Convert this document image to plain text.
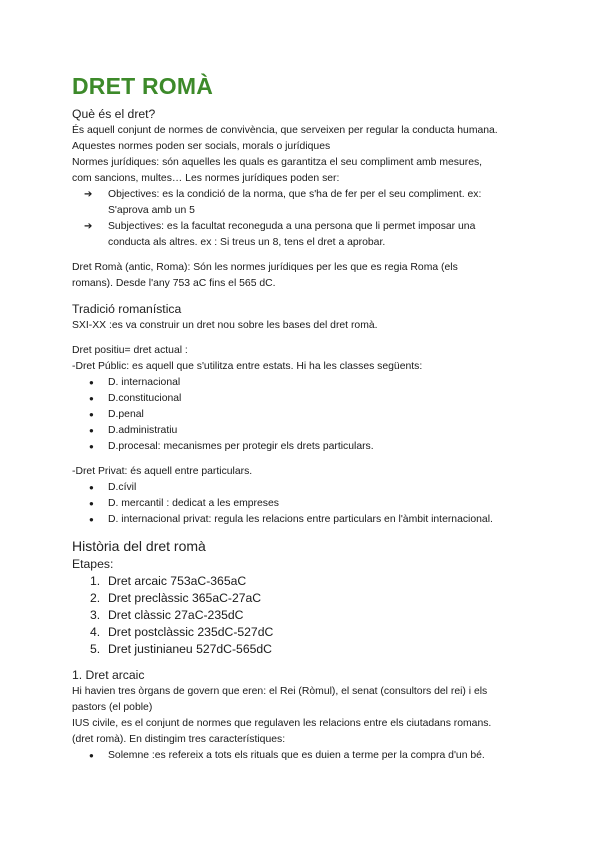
DRET ROMÀ

Què és el dret?

És aquell conjunt de normes de convivència, que serveixen per regular la conducta humana.

Aquestes normes poden ser socials, morals o jurídiques

Normes jurídiques: són aquelles les quals es garantitza el seu compliment amb mesures,

com sancions, multes… Les normes jurídiques poden ser:

➔ Objectives: es la condició de la norma, que s'ha de fer per el seu compliment. ex:
S'aprova amb un 5
➔ Subjectives: es la facultat reconeguda a una persona que li permet imposar una
conducta als altres. ex : Si treus un 8, tens el dret a aprobar.

Dret Romà (antic, Roma): Són les normes jurídiques per les que es regia Roma (els

romans). Desde l'any 753 aC fins el 565 dC.

Tradició romanística

SXI-XX :es va construir un dret nou sobre les bases del dret romà.

Dret positiu= dret actual :

-Dret Públic: es aquell que s'utilitza entre estats. Hi ha les classes següents:

● D. internacional
● D.constitucional
● D.penal
● D.administratiu
● D.procesal: mecanismes per protegir els drets particulars.

-Dret Privat: és aquell entre particulars.

● D.cívil
● D. mercantil : dedicat a les empreses
● D. internacional privat: regula les relacions entre particulars en l'àmbit internacional.

Història del dret romà

Etapes:

1. Dret arcaic 753aC-365aC
2. Dret preclàssic 365aC-27aC
3. Dret clàssic 27aC-235dC
4. Dret postclàssic 235dC-527dC
5. Dret justinianeu 527dC-565dC

1. Dret arcaic

Hi havien tres òrgans de govern que eren: el Rei (Ròmul), el senat (consultors del rei) i els

pastors (el poble)

IUS civile, es el conjunt de normes que regulaven les relacions entre els ciutadans romans.

(dret romà). En distingim tres característiques:

● Solemne :es refereix a tots els rituals que es duien a terme per la compra d'un bé.
